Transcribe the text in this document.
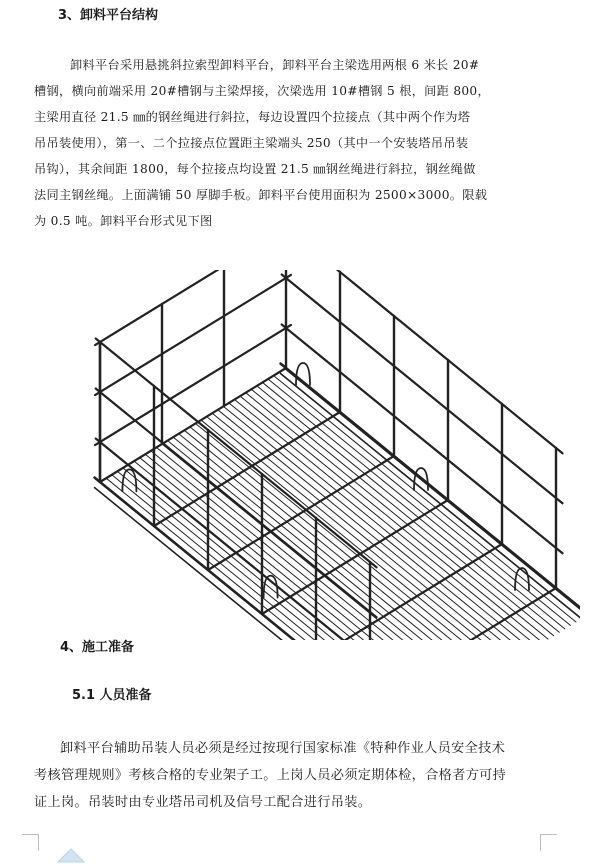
3、卸料平台结构
卸料平台采用悬挑斜拉索型卸料平台，卸料平台主梁选用两根 6 米长 20#
槽钢，横向前端采用 20#槽钢与主梁焊接，次梁选用 10#槽钢 5 根，间距 800，
主梁用直径 21.5 ㎜的钢丝绳进行斜拉，每边设置四个拉接点（其中两个作为塔
吊吊装使用），第一、二个拉接点位置距主梁端头 250（其中一个安装塔吊吊装
吊钩），其余间距 1800，每个拉接点均设置 21.5 ㎜钢丝绳进行斜拉，钢丝绳做
法同主钢丝绳。上面满铺 50 厚脚手板。卸料平台使用面积为 2500×3000。限载
为 0.5 吨。卸料平台形式见下图
4、施工准备
5.1 人员准备
卸料平台辅助吊装人员必须是经过按现行国家标准《特种作业人员安全技术
考核管理规则》考核合格的专业架子工。上岗人员必须定期体检，合格者方可持
证上岗。吊装时由专业塔吊司机及信号工配合进行吊装。
